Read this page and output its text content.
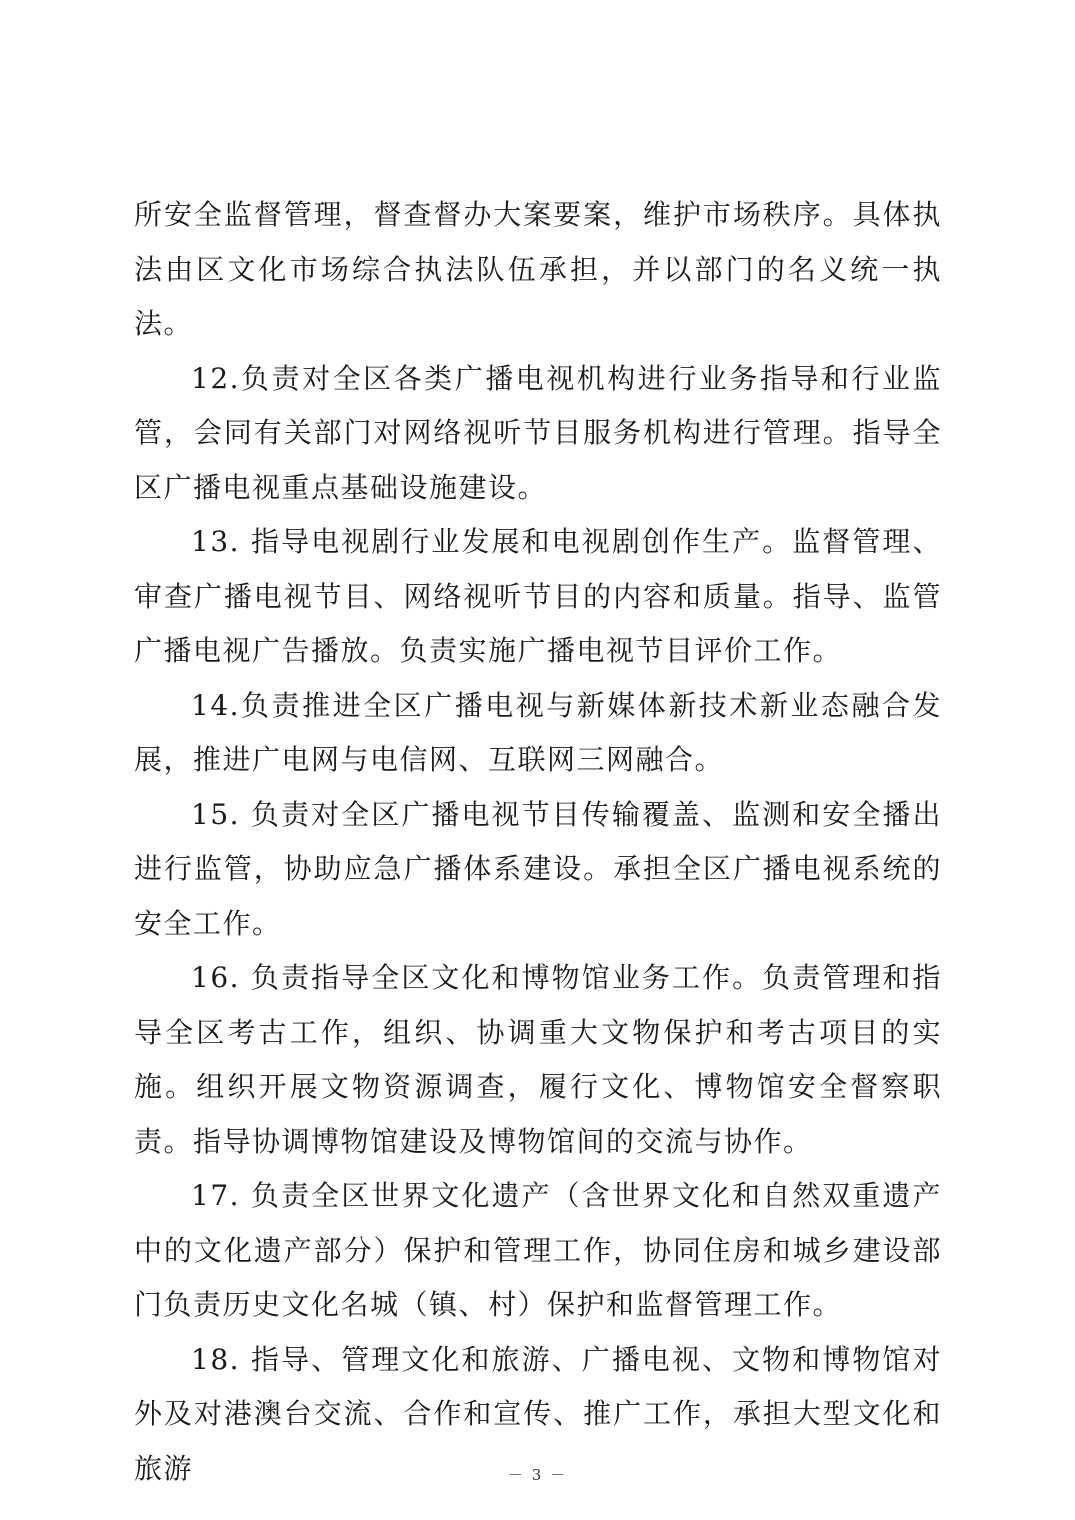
所安全监督管理，督查督办大案要案，维护市场秩序。具体执法由区文化市场综合执法队伍承担，并以部门的名义统一执法。

12.负责对全区各类广播电视机构进行业务指导和行业监管，会同有关部门对网络视听节目服务机构进行管理。指导全区广播电视重点基础设施建设。

13. 指导电视剧行业发展和电视剧创作生产。监督管理、审查广播电视节目、网络视听节目的内容和质量。指导、监管广播电视广告播放。负责实施广播电视节目评价工作。

14.负责推进全区广播电视与新媒体新技术新业态融合发展，推进广电网与电信网、互联网三网融合。

15. 负责对全区广播电视节目传输覆盖、监测和安全播出进行监管，协助应急广播体系建设。承担全区广播电视系统的安全工作。

16. 负责指导全区文化和博物馆业务工作。负责管理和指导全区考古工作，组织、协调重大文物保护和考古项目的实施。组织开展文物资源调查，履行文化、博物馆安全督察职责。指导协调博物馆建设及博物馆间的交流与协作。

17. 负责全区世界文化遗产（含世界文化和自然双重遗产中的文化遗产部分）保护和管理工作，协同住房和城乡建设部门负责历史文化名城（镇、村）保护和监督管理工作。

18. 指导、管理文化和旅游、广播电视、文物和博物馆对外及对港澳台交流、合作和宣传、推广工作，承担大型文化和旅游	－ 3 －
